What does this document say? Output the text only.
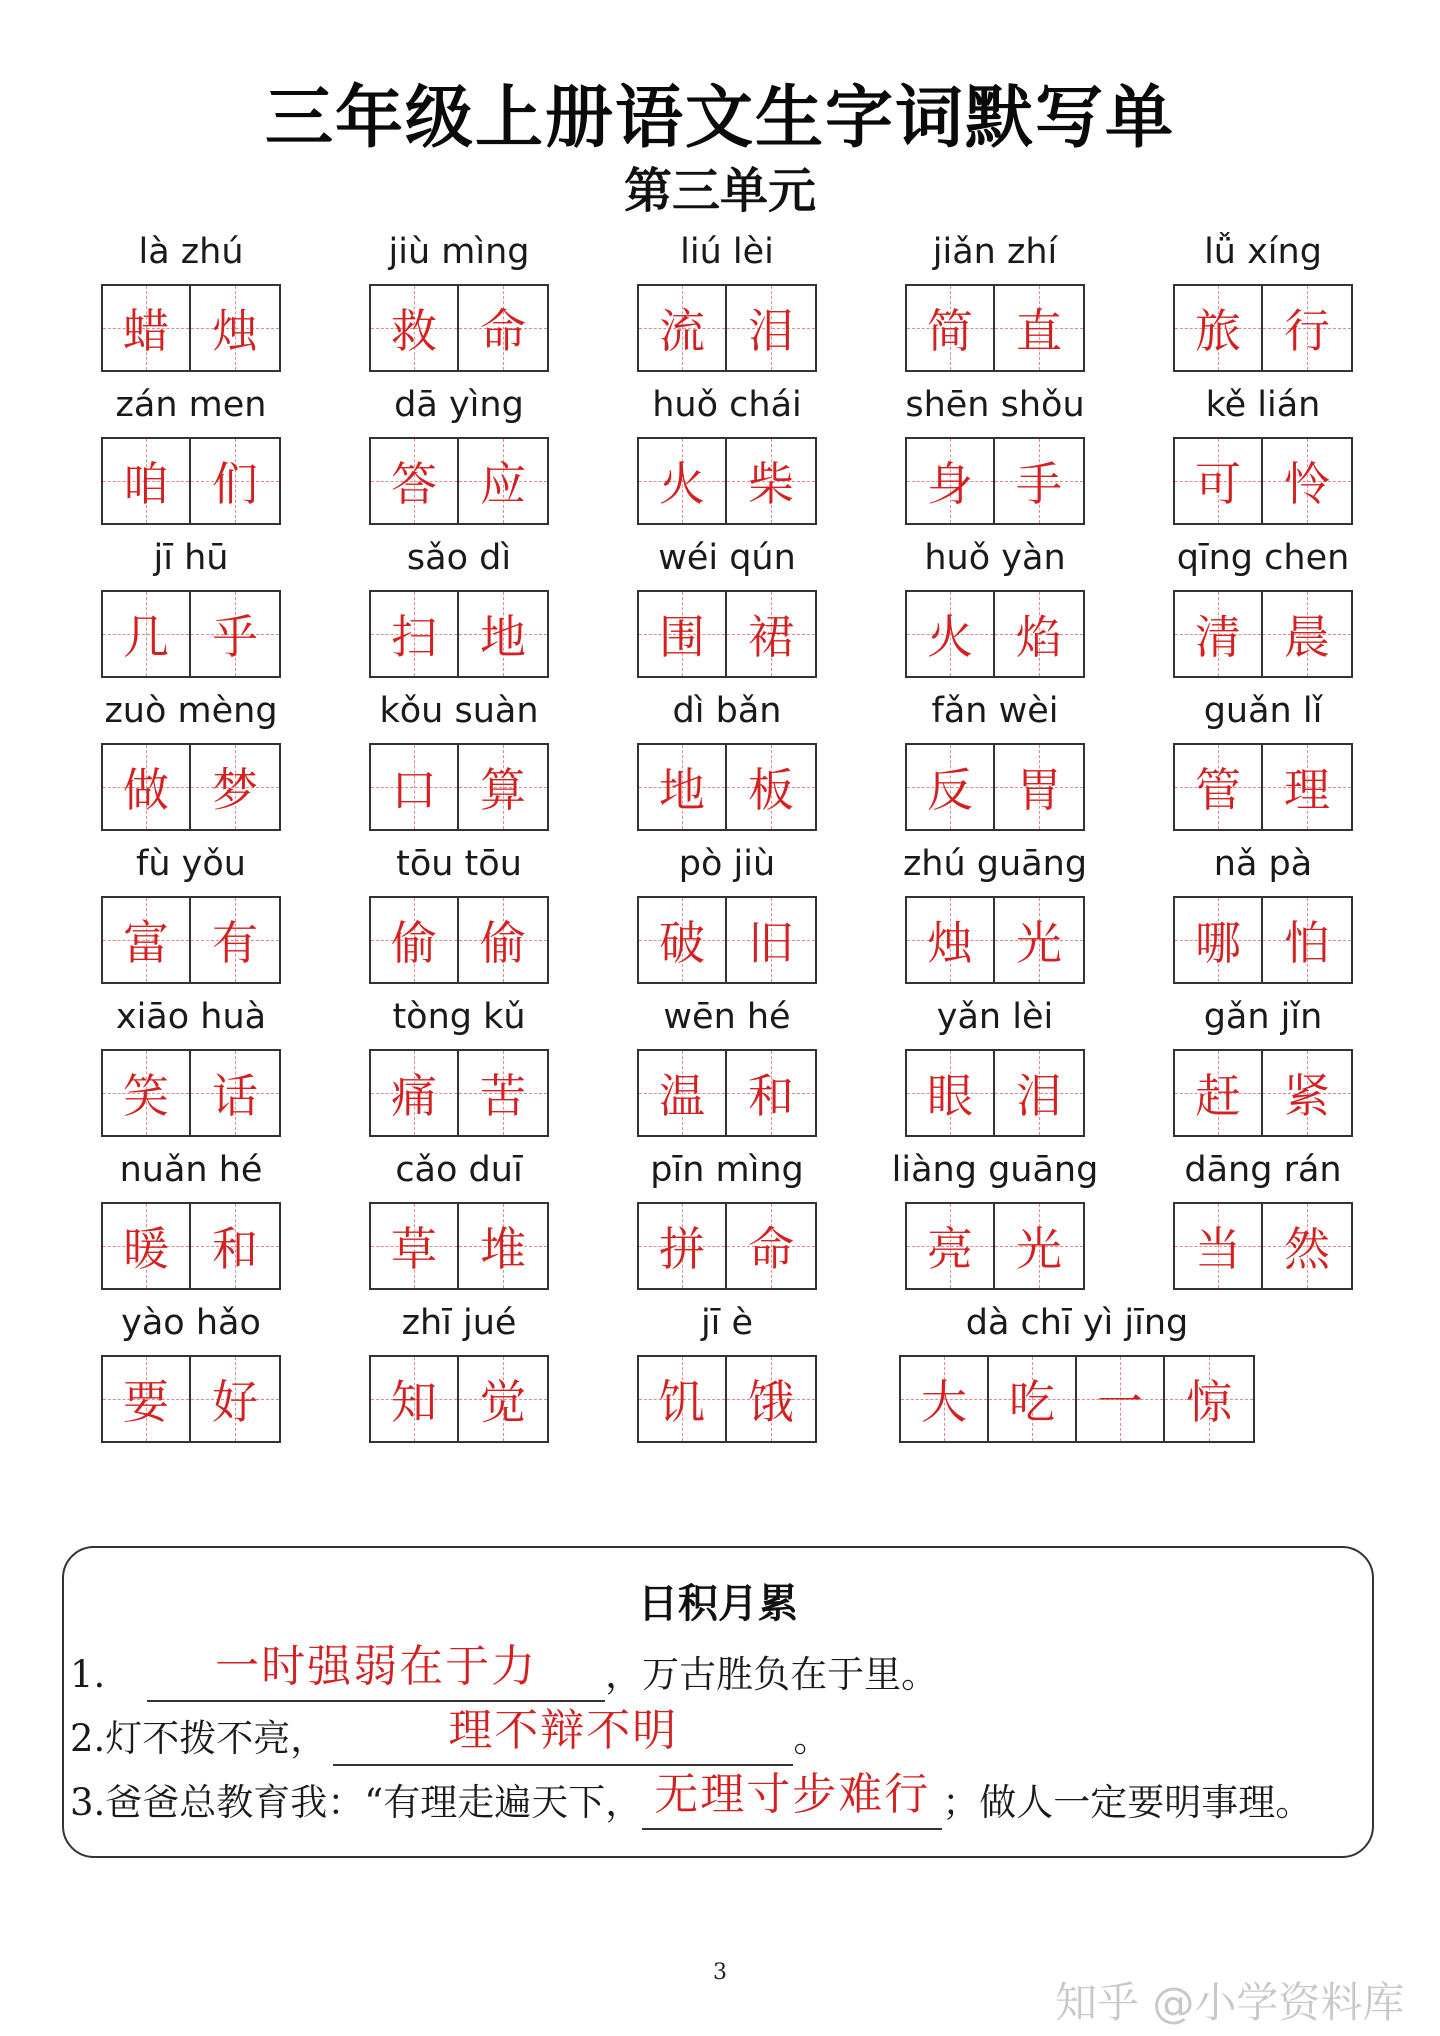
三年级上册语文生字词默写单
第三单元
là zhú
蜡 烛
jiù mìng
救 命
liú lèi
流 泪
jiǎn zhí
简 直
lǚ xíng
旅 行
zán men
咱 们
dā yìng
答 应
huǒ chái
火 柴
shēn shǒu
身 手
kě lián
可 怜
jī hū
几 乎
sǎo dì
扫 地
wéi qún
围 裙
huǒ yàn
火 焰
qīng chen
清 晨
zuò mèng
做 梦
kǒu suàn
口 算
dì bǎn
地 板
fǎn wèi
反 胃
guǎn lǐ
管 理
fù yǒu
富 有
tōu tōu
偷 偷
pò jiù
破 旧
zhú guāng
烛 光
nǎ pà
哪 怕
xiāo huà
笑 话
tòng kǔ
痛 苦
wēn hé
温 和
yǎn lèi
眼 泪
gǎn jǐn
赶 紧
nuǎn hé
暖 和
cǎo duī
草 堆
pīn mìng
拼 命
liàng guāng
亮 光
dāng rán
当 然
yào hǎo
要 好
zhī jué
知 觉
jī è
饥 饿
dà chī yì jīng
大 吃 一 惊
日积月累
1. 一时强弱在于力 ，万古胜负在于里。
2.灯不拨不亮，	理不辩不明	。
3.爸爸总教育我：“有理走遍天下， 无理寸步难行 ；做人一定要明事理。
3
知乎 @小学资料库
